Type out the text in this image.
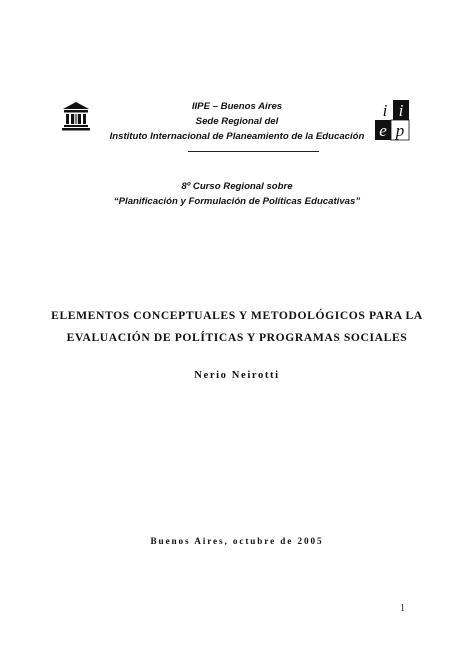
i i
e p
IIPE – Buenos Aires
Sede Regional del
Instituto Internacional de Planeamiento de la Educación
8º Curso Regional sobre
“Planificación y Formulación de Políticas Educativas”
ELEMENTOS CONCEPTUALES Y METODOLÓGICOS PARA LA
EVALUACIÓN DE POLÍTICAS Y PROGRAMAS SOCIALES
Nerio Neirotti
Buenos Aires, octubre de 2005
1
